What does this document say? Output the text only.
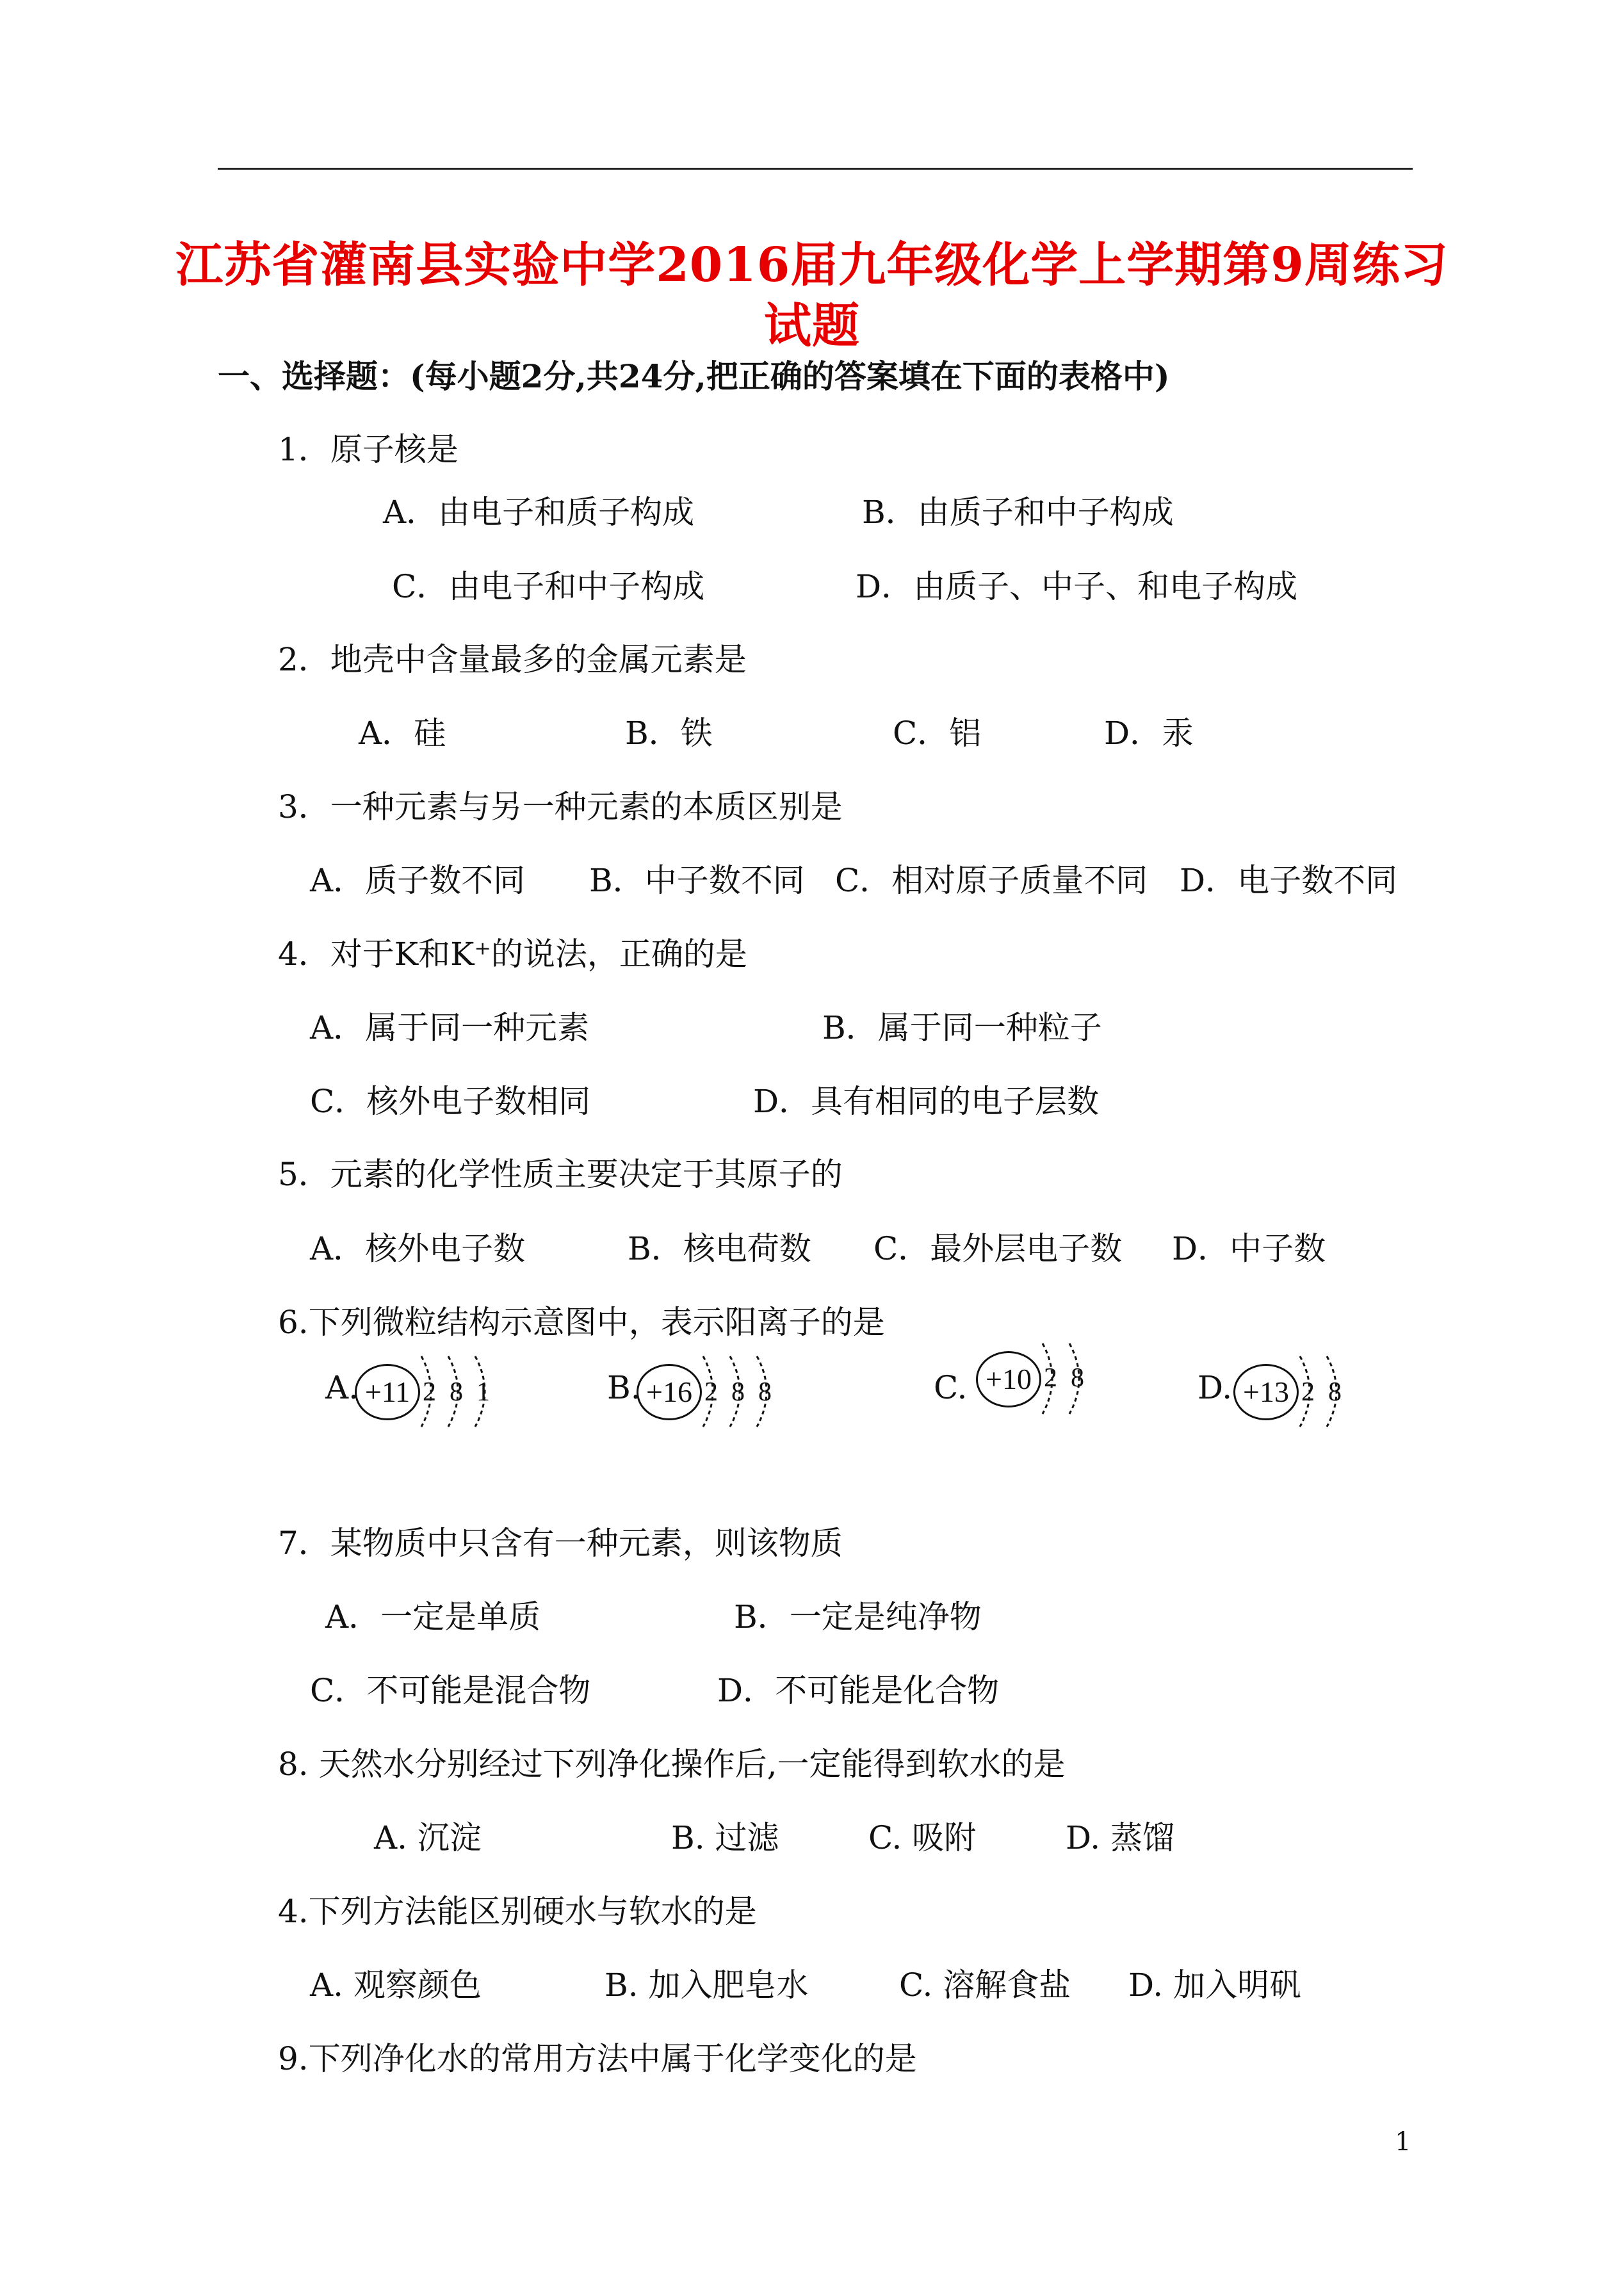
江苏省灌南县实验中学2016届九年级化学上学期第9周练习
试题
一、选择题：(每小题2分,共24分,把正确的答案填在下面的表格中)
1．原子核是
A．由电子和质子构成	B．由质子和中子构成
C．由电子和中子构成	D．由质子、中子、和电子构成
2．地壳中含量最多的金属元素是
A．硅	B．铁	C．铝	D．汞
3．一种元素与另一种元素的本质区别是
A．质子数不同 B．中子数不同 C．相对原子质量不同 D．电子数不同
4．对于K和K⁺的说法，正确的是
A．属于同一种元素	B．属于同一种粒子
C．核外电子数相同	D．具有相同的电子层数
5．元素的化学性质主要决定于其原子的
A．核外电子数	B．核电荷数 C．最外层电子数 D．中子数
6.下列微粒结构示意图中，表示阳离子的是
A. +11 2 8 1	B. +16 2 8 8	C. +10 2 8	D. +13 2 8
7．某物质中只含有一种元素，则该物质
A．一定是单质	B．一定是纯净物
C．不可能是混合物	D．不可能是化合物
8. 天然水分别经过下列净化操作后,一定能得到软水的是
A. 沉淀	B. 过滤	C. 吸附	D. 蒸馏
4.下列方法能区别硬水与软水的是
A. 观察颜色	B. 加入肥皂水	C. 溶解食盐 D. 加入明矾
9.下列净化水的常用方法中属于化学变化的是
1
